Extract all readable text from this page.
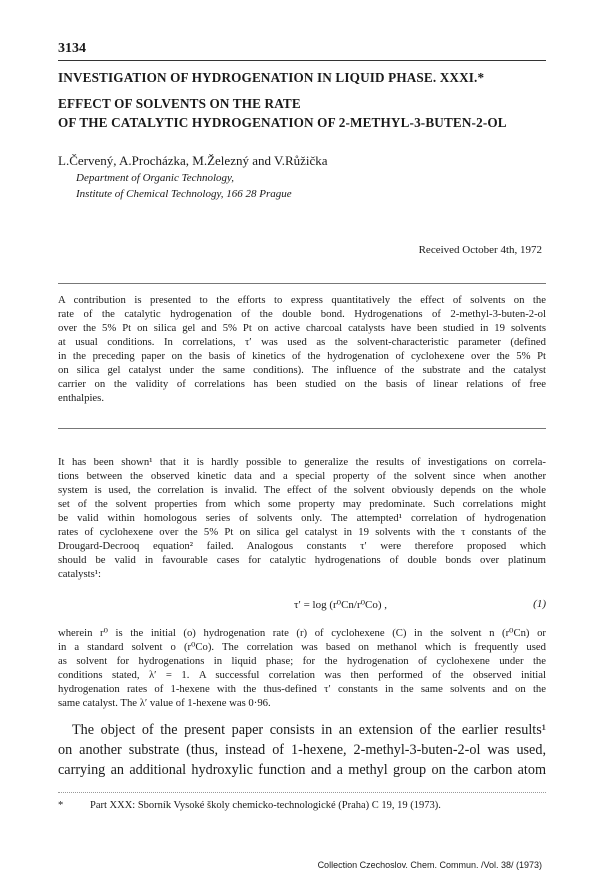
3134
INVESTIGATION OF HYDROGENATION IN LIQUID PHASE. XXXI.*
EFFECT OF SOLVENTS ON THE RATE
OF THE CATALYTIC HYDROGENATION OF 2-METHYL-3-BUTEN-2-OL
L.Červený, A.Procházka, M.Železný and V.Růžička
Department of Organic Technology,
Institute of Chemical Technology, 166 28 Prague
Received October 4th, 1972
A contribution is presented to the efforts to express quantitatively the effect of solvents on the
rate of the catalytic hydrogenation of the double bond. Hydrogenations of 2-methyl-3-buten-2-ol
over the 5% Pt on silica gel and 5% Pt on active charcoal catalysts have been studied in 19 solvents
at usual conditions. In correlations, τ′ was used as the solvent-characteristic parameter (defined
in the preceding paper on the basis of kinetics of the hydrogenation of cyclohexene over the 5% Pt
on silica gel catalyst under the same conditions). The influence of the substrate and the catalyst
carrier on the validity of correlations has been studied on the basis of linear relations of free
enthalpies.
It has been shown¹ that it is hardly possible to generalize the results of investigations on correla-
tions between the observed kinetic data and a special property of the solvent since when another
system is used, the correlation is invalid. The effect of the solvent obviously depends on the whole
set of the solvent properties from which some property may predominate. Such correlations might
be valid within homologous series of solvents only. The attempted¹ correlation of hydrogenation
rates of cyclohexene over the 5% Pt on silica gel catalyst in 19 solvents with the τ constants of the
Drougard-Decrooq equation² failed. Analogous constants τ′ were therefore proposed which
should be valid in favourable cases for catalytic hydrogenations of double bonds over platinum
catalysts¹:
τ′ = log (r⁰Cn/r⁰Co) ,	(1)
wherein r⁰ is the initial (o) hydrogenation rate (r) of cyclohexene (C) in the solvent n (r⁰Cn) or
in a standard solvent o (r⁰Co). The correlation was based on methanol which is frequently used
as solvent for hydrogenations in liquid phase; for the hydrogenation of cyclohexene under the
conditions stated, λ′ = 1. A successful correlation was then performed of the observed initial
hydrogenation rates of 1-hexene with the thus-defined τ′ constants in the same solvents and on the
same catalyst. The λ′ value of 1-hexene was 0·96.
The object of the present paper consists in an extension of the earlier results¹
on another substrate (thus, instead of 1-hexene, 2-methyl-3-buten-2-ol was used,
carrying an additional hydroxylic function and a methyl group on the carbon atom
*	Part XXX: Sborník Vysoké školy chemicko-technologické (Praha) C 19, 19 (1973).
Collection Czechoslov. Chem. Commun. /Vol. 38/ (1973)
